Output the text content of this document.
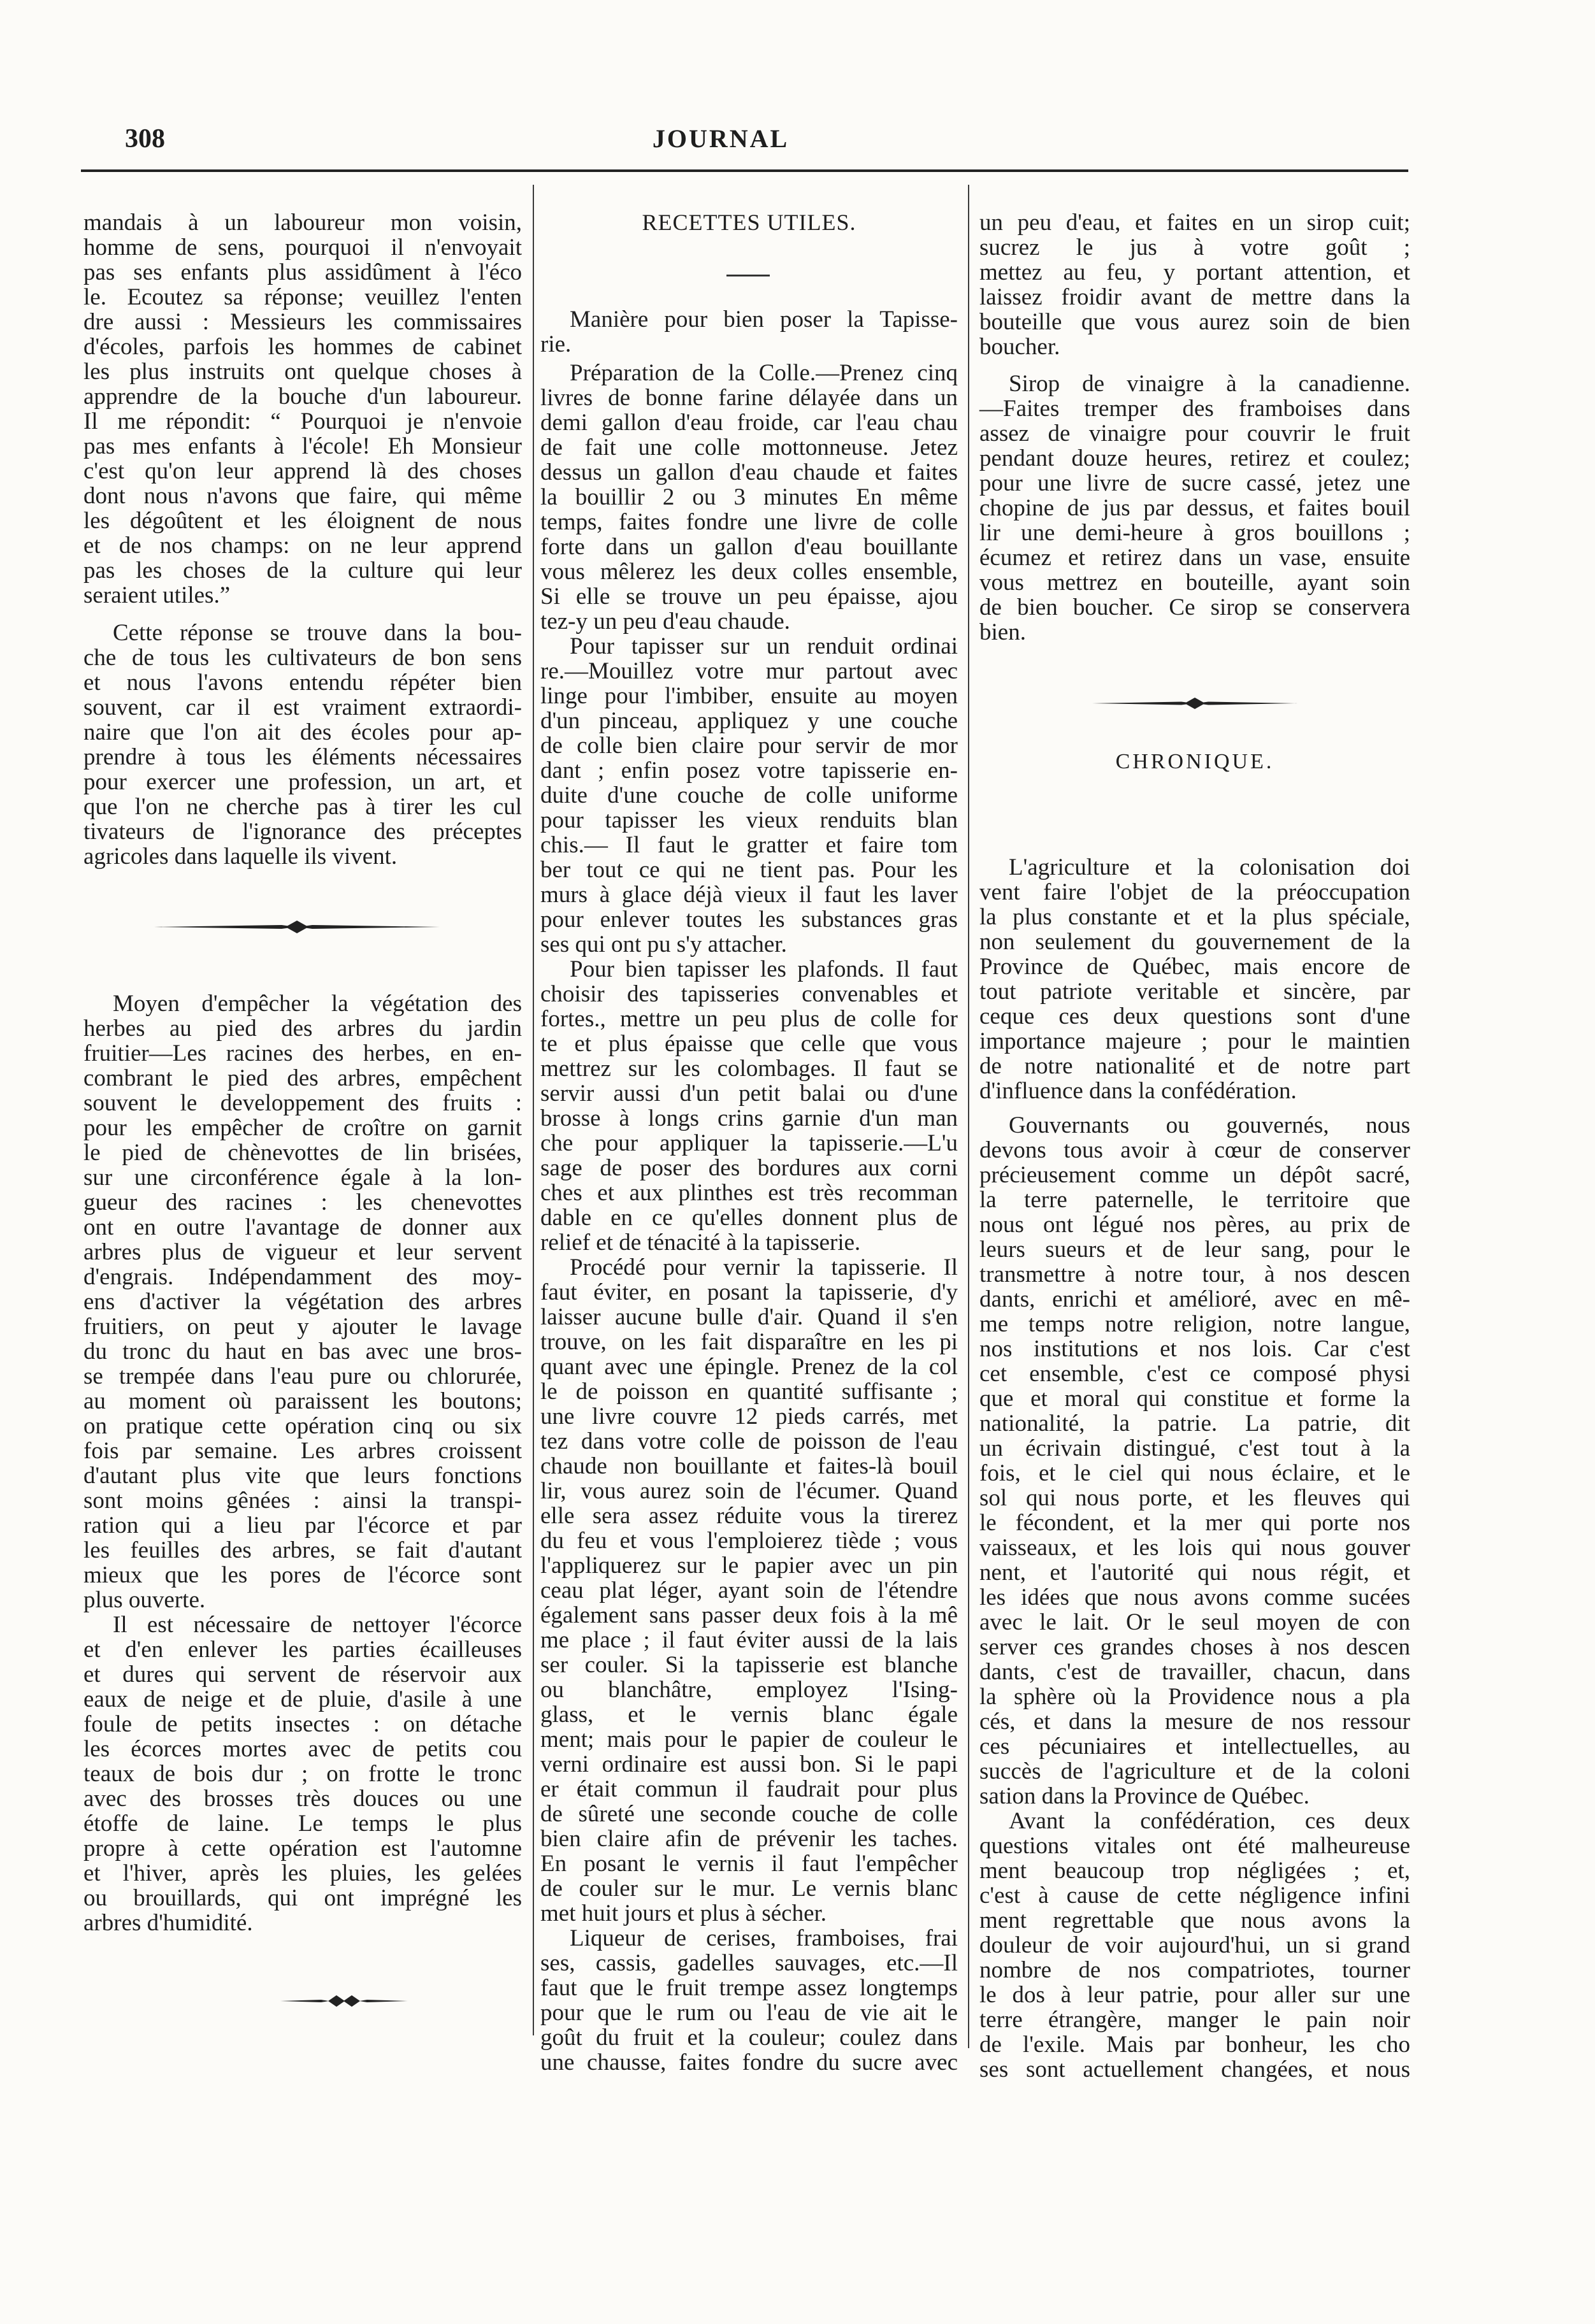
308	JOURNAL
mandais à un laboureur mon voisin,
homme de sens, pourquoi il n'envoyait
pas ses enfants plus assidûment à l'éco
le. Ecoutez sa réponse; veuillez l'enten
dre aussi : Messieurs les commissaires
d'écoles, parfois les hommes de cabinet
les plus instruits ont quelque choses à
apprendre de la bouche d'un laboureur.
Il me répondit: “ Pourquoi je n'envoie
pas mes enfants à l'école! Eh Monsieur
c'est qu'on leur apprend là des choses
dont nous n'avons que faire, qui même
les dégoûtent et les éloignent de nous
et de nos champs: on ne leur apprend
pas les choses de la culture qui leur
seraient utiles.”
Cette réponse se trouve dans la bou-
che de tous les cultivateurs de bon sens
et nous l'avons entendu répéter bien
souvent, car il est vraiment extraordi-
naire que l'on ait des écoles pour ap-
prendre à tous les éléments nécessaires
pour exercer une profession, un art, et
que l'on ne cherche pas à tirer les cul
tivateurs de l'ignorance des préceptes
agricoles dans laquelle ils vivent.
Moyen d'empêcher la végétation des
herbes au pied des arbres du jardin
fruitier—Les racines des herbes, en en-
combrant le pied des arbres, empêchent
souvent le developpement des fruits :
pour les empêcher de croître on garnit
le pied de chènevottes de lin brisées,
sur une circonférence égale à la lon-
gueur des racines : les chenevottes
ont en outre l'avantage de donner aux
arbres plus de vigueur et leur servent
d'engrais. Indépendamment des moy-
ens d'activer la végétation des arbres
fruitiers, on peut y ajouter le lavage
du tronc du haut en bas avec une bros-
se trempée dans l'eau pure ou chlorurée,
au moment où paraissent les boutons;
on pratique cette opération cinq ou six
fois par semaine. Les arbres croissent
d'autant plus vite que leurs fonctions
sont moins gênées : ainsi la transpi-
ration qui a lieu par l'écorce et par
les feuilles des arbres, se fait d'autant
mieux que les pores de l'écorce sont
plus ouverte.
Il est nécessaire de nettoyer l'écorce
et d'en enlever les parties écailleuses
et dures qui servent de réservoir aux
eaux de neige et de pluie, d'asile à une
foule de petits insectes : on détache
les écorces mortes avec de petits cou
teaux de bois dur ; on frotte le tronc
avec des brosses très douces ou une
étoffe de laine. Le temps le plus
propre à cette opération est l'automne
et l'hiver, après les pluies, les gelées
ou brouillards, qui ont imprégné les
arbres d'humidité.
RECETTES UTILES.
Manière pour bien poser la Tapisse-
rie.
Préparation de la Colle.—Prenez cinq
livres de bonne farine délayée dans un
demi gallon d'eau froide, car l'eau chau
de fait une colle mottonneuse. Jetez
dessus un gallon d'eau chaude et faites
la bouillir 2 ou 3 minutes En même
temps, faites fondre une livre de colle
forte dans un gallon d'eau bouillante
vous mêlerez les deux colles ensemble,
Si elle se trouve un peu épaisse, ajou
tez-y un peu d'eau chaude.
Pour tapisser sur un renduit ordinai
re.—Mouillez votre mur partout avec
linge pour l'imbiber, ensuite au moyen
d'un pinceau, appliquez y une couche
de colle bien claire pour servir de mor
dant ; enfin posez votre tapisserie en-
duite d'une couche de colle uniforme
pour tapisser les vieux renduits blan
chis.— Il faut le gratter et faire tom
ber tout ce qui ne tient pas. Pour les
murs à glace déjà vieux il faut les laver
pour enlever toutes les substances gras
ses qui ont pu s'y attacher.
Pour bien tapisser les plafonds. Il faut
choisir des tapisseries convenables et
fortes., mettre un peu plus de colle for
te et plus épaisse que celle que vous
mettrez sur les colombages. Il faut se
servir aussi d'un petit balai ou d'une
brosse à longs crins garnie d'un man
che pour appliquer la tapisserie.—L'u
sage de poser des bordures aux corni
ches et aux plinthes est très recomman
dable en ce qu'elles donnent plus de
relief et de ténacité à la tapisserie.
Procédé pour vernir la tapisserie. Il
faut éviter, en posant la tapisserie, d'y
laisser aucune bulle d'air. Quand il s'en
trouve, on les fait disparaître en les pi
quant avec une épingle. Prenez de la col
le de poisson en quantité suffisante ;
une livre couvre 12 pieds carrés, met
tez dans votre colle de poisson de l'eau
chaude non bouillante et faites-là bouil
lir, vous aurez soin de l'écumer. Quand
elle sera assez réduite vous la tirerez
du feu et vous l'emploierez tiède ; vous
l'appliquerez sur le papier avec un pin
ceau plat léger, ayant soin de l'étendre
également sans passer deux fois à la mê
me place ; il faut éviter aussi de la lais
ser couler. Si la tapisserie est blanche
ou blanchâtre, employez l'Ising-
glass, et le vernis blanc égale
ment; mais pour le papier de couleur le
verni ordinaire est aussi bon. Si le papi
er était commun il faudrait pour plus
de sûreté une seconde couche de colle
bien claire afin de prévenir les taches.
En posant le vernis il faut l'empêcher
de couler sur le mur. Le vernis blanc
met huit jours et plus à sécher.
Liqueur de cerises, framboises, frai
ses, cassis, gadelles sauvages, etc.—Il
faut que le fruit trempe assez longtemps
pour que le rum ou l'eau de vie ait le
goût du fruit et la couleur; coulez dans
une chausse, faites fondre du sucre avec
un peu d'eau, et faites en un sirop cuit;
sucrez le jus à votre goût ;
mettez au feu, y portant attention, et
laissez froidir avant de mettre dans la
bouteille que vous aurez soin de bien
boucher.
Sirop de vinaigre à la canadienne.
—Faites tremper des framboises dans
assez de vinaigre pour couvrir le fruit
pendant douze heures, retirez et coulez;
pour une livre de sucre cassé, jetez une
chopine de jus par dessus, et faites bouil
lir une demi-heure à gros bouillons ;
écumez et retirez dans un vase, ensuite
vous mettrez en bouteille, ayant soin
de bien boucher. Ce sirop se conservera
bien.
CHRONIQUE.
L'agriculture et la colonisation doi
vent faire l'objet de la préoccupation
la plus constante et et la plus spéciale,
non seulement du gouvernement de la
Province de Québec, mais encore de
tout patriote veritable et sincère, par
ceque ces deux questions sont d'une
importance majeure ; pour le maintien
de notre nationalité et de notre part
d'influence dans la confédération.
Gouvernants ou gouvernés, nous
devons tous avoir à cœur de conserver
précieusement comme un dépôt sacré,
la terre paternelle, le territoire que
nous ont légué nos pères, au prix de
leurs sueurs et de leur sang, pour le
transmettre à notre tour, à nos descen
dants, enrichi et amélioré, avec en mê-
me temps notre religion, notre langue,
nos institutions et nos lois. Car c'est
cet ensemble, c'est ce composé physi
que et moral qui constitue et forme la
nationalité, la patrie. La patrie, dit
un écrivain distingué, c'est tout à la
fois, et le ciel qui nous éclaire, et le
sol qui nous porte, et les fleuves qui
le fécondent, et la mer qui porte nos
vaisseaux, et les lois qui nous gouver
nent, et l'autorité qui nous régit, et
les idées que nous avons comme sucées
avec le lait. Or le seul moyen de con
server ces grandes choses à nos descen
dants, c'est de travailler, chacun, dans
la sphère où la Providence nous a pla
cés, et dans la mesure de nos ressour
ces pécuniaires et intellectuelles, au
succès de l'agriculture et de la coloni
sation dans la Province de Québec.
Avant la confédération, ces deux
questions vitales ont été malheureuse
ment beaucoup trop négligées ; et,
c'est à cause de cette négligence infini
ment regrettable que nous avons la
douleur de voir aujourd'hui, un si grand
nombre de nos compatriotes, tourner
le dos à leur patrie, pour aller sur une
terre étrangère, manger le pain noir
de l'exile. Mais par bonheur, les cho
ses sont actuellement changées, et nous
